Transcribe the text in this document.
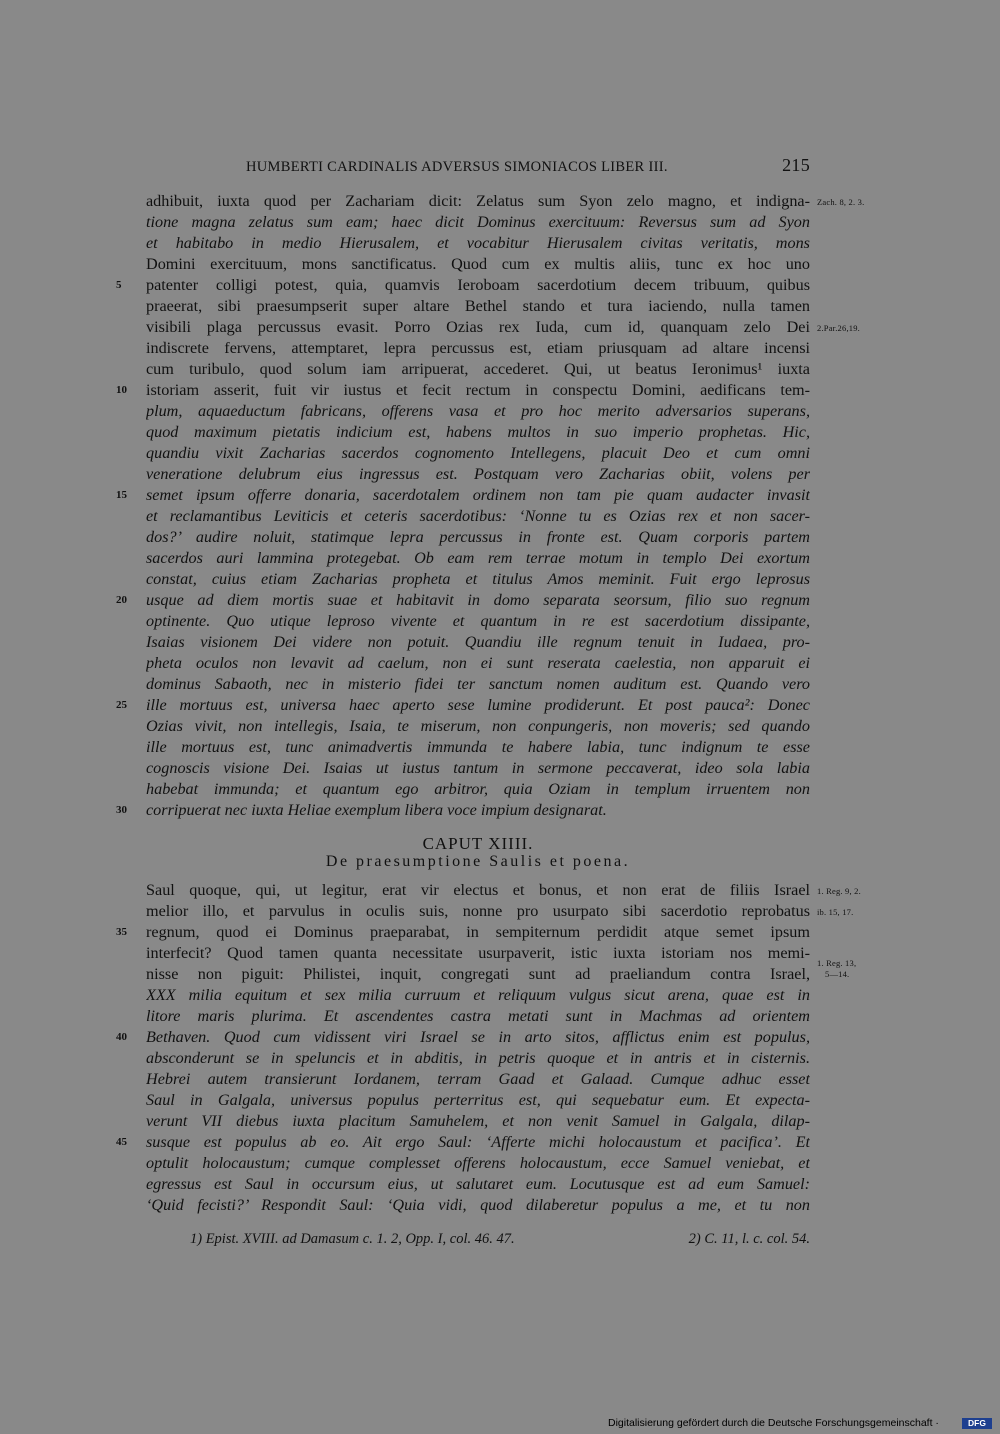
HUMBERTI CARDINALIS ADVERSUS SIMONIACOS LIBER III.	215
adhibuit, iuxta quod per Zachariam dicit: Zelatus sum Syon zelo magno, et indigna-
tione magna zelatus sum eam; haec dicit Dominus exercituum: Reversus sum ad Syon
et habitabo in medio Hierusalem, et vocabitur Hierusalem civitas veritatis, mons
Domini exercituum, mons sanctificatus. Quod cum ex multis aliis, tunc ex hoc uno
patenter colligi potest, quia, quamvis Ieroboam sacerdotium decem tribuum, quibus
praeerat, sibi praesumpserit super altare Bethel stando et tura iaciendo, nulla tamen
visibili plaga percussus evasit. Porro Ozias rex Iuda, cum id, quanquam zelo Dei
indiscrete fervens, attemptaret, lepra percussus est, etiam priusquam ad altare incensi
cum turibulo, quod solum iam arripuerat, accederet. Qui, ut beatus Ieronimus¹ iuxta
istoriam asserit, fuit vir iustus et fecit rectum in conspectu Domini, aedificans tem-
plum, aquaeductum fabricans, offerens vasa et pro hoc merito adversarios superans,
quod maximum pietatis indicium est, habens multos in suo imperio prophetas. Hic,
quandiu vixit Zacharias sacerdos cognomento Intellegens, placuit Deo et cum omni
veneratione delubrum eius ingressus est. Postquam vero Zacharias obiit, volens per
semet ipsum offerre donaria, sacerdotalem ordinem non tam pie quam audacter invasit
et reclamantibus Leviticis et ceteris sacerdotibus: ‘Nonne tu es Ozias rex et non sacer-
dos?’ audire noluit, statimque lepra percussus in fronte est. Quam corporis partem
sacerdos auri lammina protegebat. Ob eam rem terrae motum in templo Dei exortum
constat, cuius etiam Zacharias propheta et titulus Amos meminit. Fuit ergo leprosus
usque ad diem mortis suae et habitavit in domo separata seorsum, filio suo regnum
optinente. Quo utique leproso vivente et quantum in re est sacerdotium dissipante,
Isaias visionem Dei videre non potuit. Quandiu ille regnum tenuit in Iudaea, pro-
pheta oculos non levavit ad caelum, non ei sunt reserata caelestia, non apparuit ei
dominus Sabaoth, nec in misterio fidei ter sanctum nomen auditum est. Quando vero
ille mortuus est, universa haec aperto sese lumine prodiderunt. Et post pauca²: Donec
Ozias vivit, non intellegis, Isaia, te miserum, non conpungeris, non moveris; sed quando
ille mortuus est, tunc animadvertis immunda te habere labia, tunc indignum te esse
cognoscis visione Dei. Isaias ut iustus tantum in sermone peccaverat, ideo sola labia
habebat immunda; et quantum ego arbitror, quia Oziam in templum irruentem non
corripuerat nec iuxta Heliae exemplum libera voce impium designarat.
CAPUT XIIII.
De praesumptione Saulis et poena.
Saul quoque, qui, ut legitur, erat vir electus et bonus, et non erat de filiis Israel
melior illo, et parvulus in oculis suis, nonne pro usurpato sibi sacerdotio reprobatus
regnum, quod ei Dominus praeparabat, in sempiternum perdidit atque semet ipsum
interfecit? Quod tamen quanta necessitate usurpaverit, istic iuxta istoriam nos memi-
nisse non piguit: Philistei, inquit, congregati sunt ad praeliandum contra Israel,
XXX milia equitum et sex milia curruum et reliquum vulgus sicut arena, quae est in
litore maris plurima. Et ascendentes castra metati sunt in Machmas ad orientem
Bethaven. Quod cum vidissent viri Israel se in arto sitos, afflictus enim est populus,
absconderunt se in speluncis et in abditis, in petris quoque et in antris et in cisternis.
Hebrei autem transierunt Iordanem, terram Gaad et Galaad. Cumque adhuc esset
Saul in Galgala, universus populus perterritus est, qui sequebatur eum. Et expecta-
verunt VII diebus iuxta placitum Samuhelem, et non venit Samuel in Galgala, dilap-
susque est populus ab eo. Ait ergo Saul: ‘Afferte michi holocaustum et pacifica’. Et
optulit holocaustum; cumque complesset offerens holocaustum, ecce Samuel veniebat, et
egressus est Saul in occursum eius, ut salutaret eum. Locutusque est ad eum Samuel:
‘Quid fecisti?’ Respondit Saul: ‘Quia vidi, quod dilaberetur populus a me, et tu non
5
10
15
20
25
30
35
40
45
Zach. 8, 2. 3.
2.Par.26,19.
1. Reg. 9, 2.
ib. 15, 17.
1. Reg. 13,
5—14.
1) Epist. XVIII. ad Damasum c. 1. 2, Opp. I, col. 46. 47.	2) C. 11, l. c. col. 54.
Digitalisierung gefördert durch die Deutsche Forschungsgemeinschaft ·	DFG
